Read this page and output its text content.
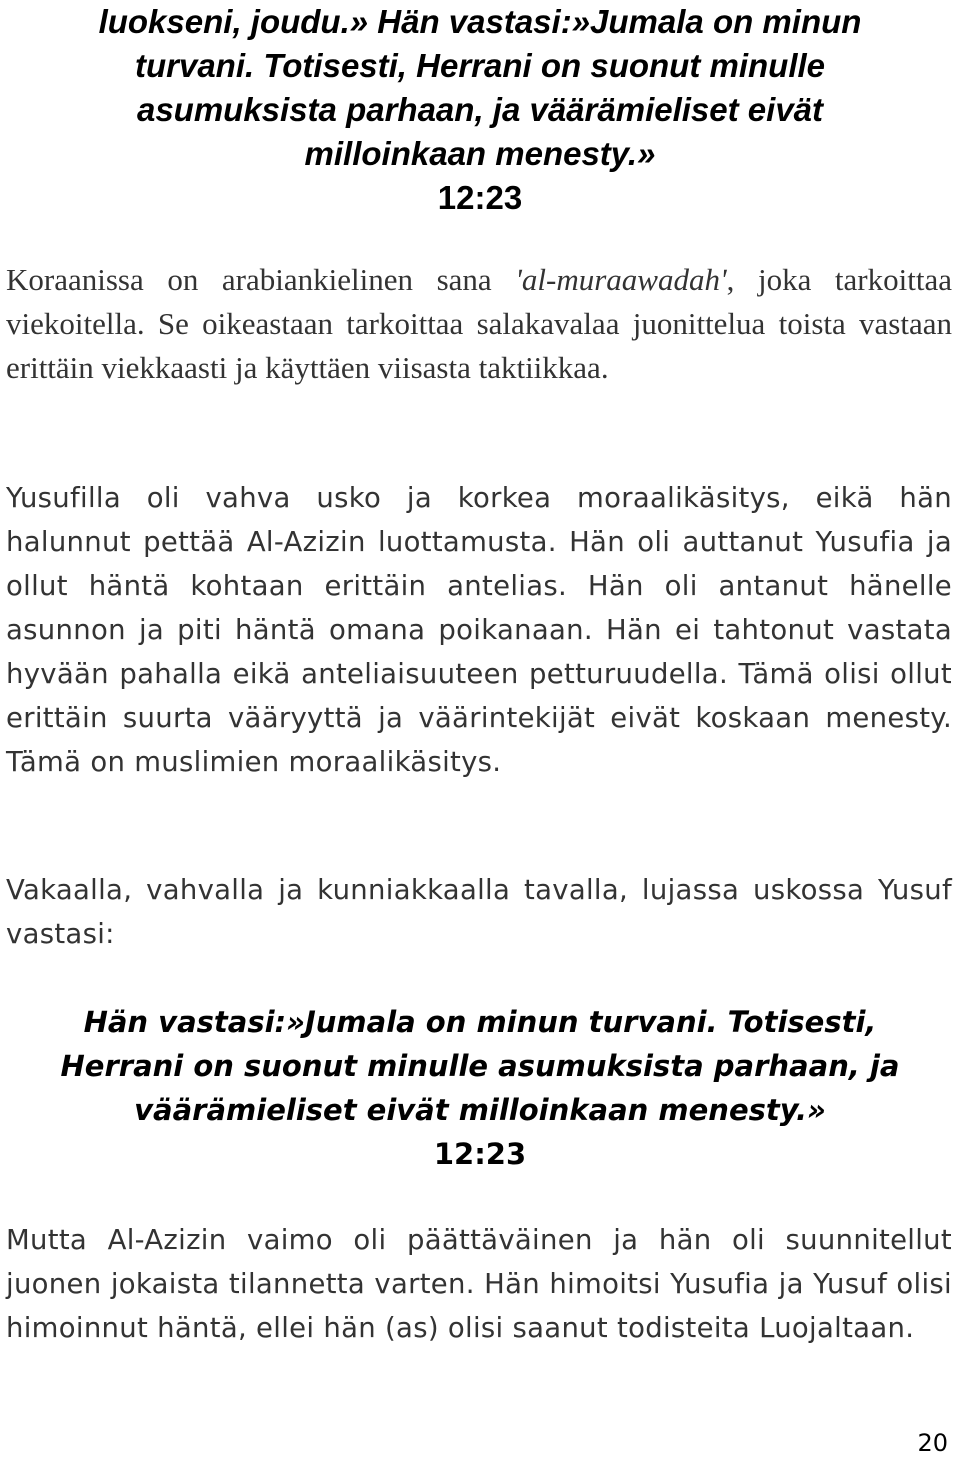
luokseni, joudu.» Hän vastasi:»Jumala on minun turvani. Totisesti, Herrani on suonut minulle asumuksista parhaan, ja väärämieliset eivät milloinkaan menesty.»
12:23

Koraanissa on arabiankielinen sana ʹal-muraawadahʹ, joka tarkoittaa viekoitella. Se oikeastaan tarkoittaa salakavalaa juonittelua toista vastaan erittäin viekkaasti ja käyttäen viisasta taktiikkaa.

Yusufilla oli vahva usko ja korkea moraalikäsitys, eikä hän halunnut pettää Al-Azizin luottamusta. Hän oli auttanut Yusufia ja ollut häntä kohtaan erittäin antelias. Hän oli antanut hänelle asunnon ja piti häntä omana poikanaan. Hän ei tahtonut vastata hyvään pahalla eikä anteliaisuuteen petturuudella. Tämä olisi ollut erittäin suurta vääryyttä ja väärintekijät eivät koskaan menesty. Tämä on muslimien moraalikäsitys.

Vakaalla, vahvalla ja kunniakkaalla tavalla, lujassa uskossa Yusuf vastasi:

Hän vastasi:»Jumala on minun turvani. Totisesti, Herrani on suonut minulle asumuksista parhaan, ja väärämieliset eivät milloinkaan menesty.»
12:23

Mutta Al-Azizin vaimo oli päättäväinen ja hän oli suunnitellut juonen jokaista tilannetta varten. Hän himoitsi Yusufia ja Yusuf olisi himoinnut häntä, ellei hän (as) olisi saanut todisteita Luojaltaan.

20
